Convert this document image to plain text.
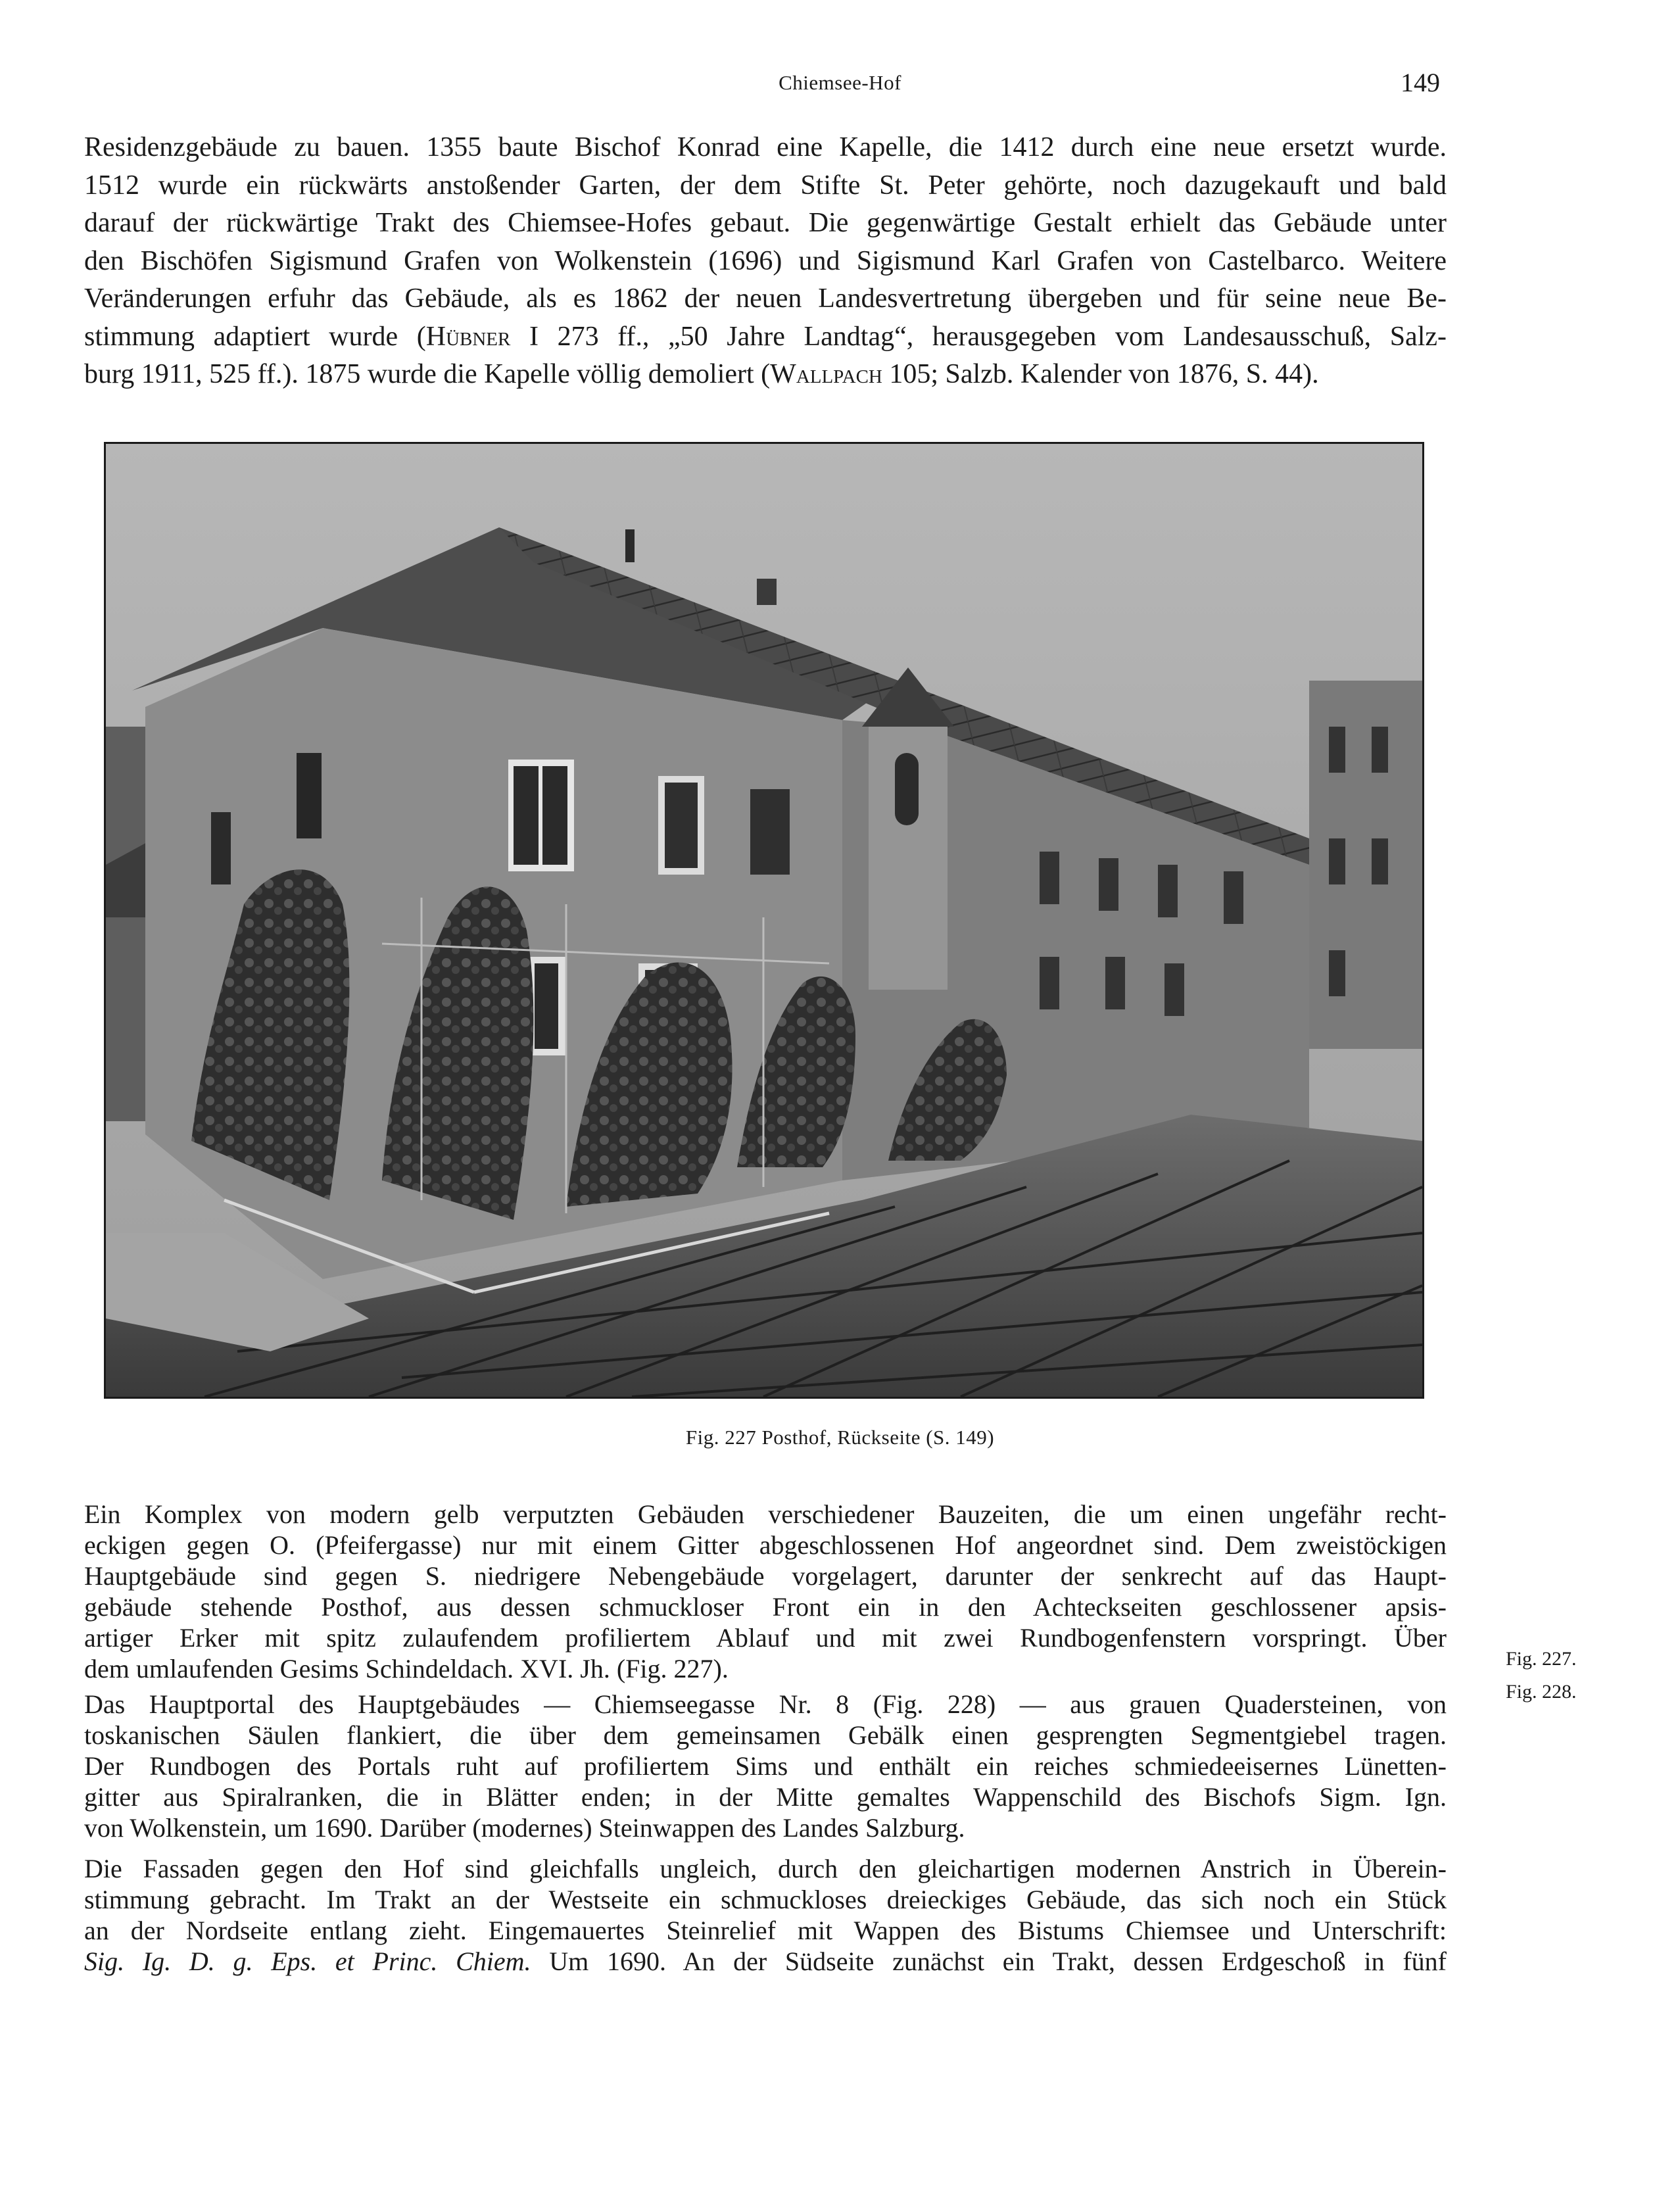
Chiemsee-Hof	149
Residenzgebäude zu bauen. 1355 baute Bischof Konrad eine Kapelle, die 1412 durch eine neue ersetzt wurde.
1512 wurde ein rückwärts anstoßender Garten, der dem Stifte St. Peter gehörte, noch dazugekauft und bald
darauf der rückwärtige Trakt des Chiemsee-Hofes gebaut. Die gegenwärtige Gestalt erhielt das Gebäude unter
den Bischöfen Sigismund Grafen von Wolkenstein (1696) und Sigismund Karl Grafen von Castelbarco. Weitere
Veränderungen erfuhr das Gebäude, als es 1862 der neuen Landesvertretung übergeben und für seine neue Be-
stimmung adaptiert wurde (Hübner I 273 ff., „50 Jahre Landtag“, herausgegeben vom Landesausschuß, Salz-
burg 1911, 525 ff.). 1875 wurde die Kapelle völlig demoliert (Wallpach 105; Salzb. Kalender von 1876, S. 44).
Fig. 227 Posthof, Rückseite (S. 149)
Ein Komplex von modern gelb verputzten Gebäuden verschiedener Bauzeiten, die um einen ungefähr recht-
eckigen gegen O. (Pfeifergasse) nur mit einem Gitter abgeschlossenen Hof angeordnet sind. Dem zweistöckigen
Hauptgebäude sind gegen S. niedrigere Nebengebäude vorgelagert, darunter der senkrecht auf das Haupt-
gebäude stehende Posthof, aus dessen schmuckloser Front ein in den Achteckseiten geschlossener apsis-
artiger Erker mit spitz zulaufendem profiliertem Ablauf und mit zwei Rundbogenfenstern vorspringt. Über
dem umlaufenden Gesims Schindeldach. XVI. Jh. (Fig. 227).
Das Hauptportal des Hauptgebäudes — Chiemseegasse Nr. 8 (Fig. 228) — aus grauen Quadersteinen, von
toskanischen Säulen flankiert, die über dem gemeinsamen Gebälk einen gesprengten Segmentgiebel tragen.
Der Rundbogen des Portals ruht auf profiliertem Sims und enthält ein reiches schmiedeeisernes Lünetten-
gitter aus Spiralranken, die in Blätter enden; in der Mitte gemaltes Wappenschild des Bischofs Sigm. Ign.
von Wolkenstein, um 1690. Darüber (modernes) Steinwappen des Landes Salzburg.
Die Fassaden gegen den Hof sind gleichfalls ungleich, durch den gleichartigen modernen Anstrich in Überein-
stimmung gebracht. Im Trakt an der Westseite ein schmuckloses dreieckiges Gebäude, das sich noch ein Stück
an der Nordseite entlang zieht. Eingemauertes Steinrelief mit Wappen des Bistums Chiemsee und Unterschrift:
Sig. Ig. D. g. Eps. et Princ. Chiem. Um 1690. An der Südseite zunächst ein Trakt, dessen Erdgeschoß in fünf
Fig. 227.
Fig. 228.
